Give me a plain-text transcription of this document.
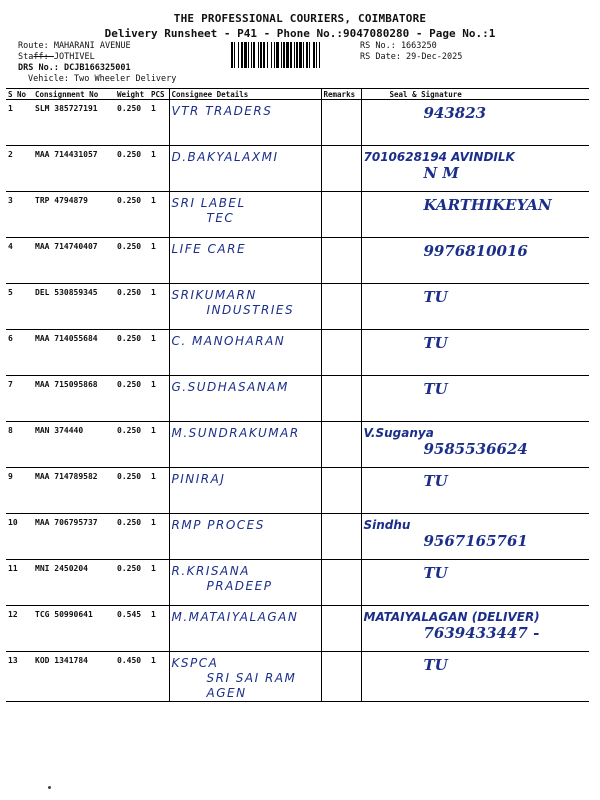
THE PROFESSIONAL COURIERS, COIMBATORE
Delivery Runsheet - P41 - Phone No.:9047080280 - Page No.:1
Route: MAHARANI AVENUE
Staff: JOTHIVEL
DRS No.: DCJB166325001
Vehicle: Two Wheeler Delivery
RS No.: 1663250
RS Date: 29-Dec-2025
S No	Consignment No	Weight	PCS	Consignee Details	Remarks	Seal & Signature
1	SLM 385727191	0.250	1	VTR TRADERS		943823

2	MAA 714431057	0.250	1	D.BAKYALAXMI		7010628194 AVINDILK
N M

3	TRP 4794879	0.250	1	SRI LABEL
TEC		KARTHIKEYAN

4	MAA 714740407	0.250	1	LIFE CARE		9976810016

5	DEL 530859345	0.250	1	SRIKUMARN
INDUSTRIES		TU

6	MAA 714055684	0.250	1	C. MANOHARAN		TU

7	MAA 715095868	0.250	1	G.SUDHASANAM		TU

8	MAN 374440	0.250	1	M.SUNDRAKUMAR		V.Suganya
9585536624

9	MAA 714789582	0.250	1	PINIRAJ		TU

10	MAA 706795737	0.250	1	RMP PROCES		Sindhu
9567165761

11	MNI 2450204	0.250	1	R.KRISANA
PRADEEP		TU

12	TCG 50990641	0.545	1	M.MATAIYALAGAN		MATAIYALAGAN (DELIVER)
7639433447 -

13	KOD 1341784	0.450	1	KSPCA
SRI SAI RAM AGEN		TU
